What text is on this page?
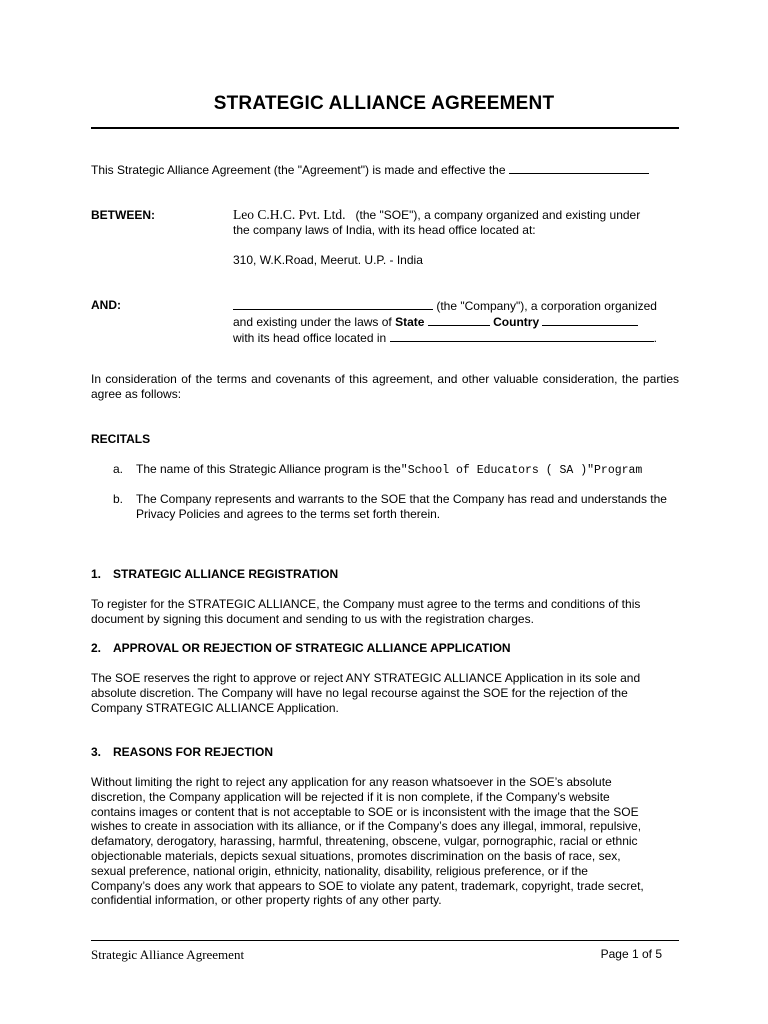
STRATEGIC ALLIANCE AGREEMENT
This Strategic Alliance Agreement (the "Agreement") is made and effective the
BETWEEN:	Leo C.H.C. Pvt. Ltd. (the "SOE"), a company organized and existing under
the company laws of India, with its head office located at:
310, W.K.Road, Meerut. U.P. - India
AND:	(the "Company"), a corporation organized
and existing under the laws of State	Country
with its head office located in	.
In consideration of the terms and covenants of this agreement, and other valuable consideration, the parties agree as follows:
RECITALS
a. The name of this Strategic Alliance program is the"School of Educators ( SA )"Program
b. The Company represents and warrants to the SOE that the Company has read and understands the Privacy Policies and agrees to the terms set forth therein.
1. STRATEGIC ALLIANCE REGISTRATION
To register for the STRATEGIC ALLIANCE, the Company must agree to the terms and conditions of this document by signing this document and sending to us with the registration charges.
2. APPROVAL OR REJECTION OF STRATEGIC ALLIANCE APPLICATION
The SOE reserves the right to approve or reject ANY STRATEGIC ALLIANCE Application in its sole and absolute discretion. The Company will have no legal recourse against the SOE for the rejection of the Company STRATEGIC ALLIANCE Application.
3. REASONS FOR REJECTION
Without limiting the right to reject any application for any reason whatsoever in the SOE’s absolute
discretion, the Company application will be rejected if it is non complete, if the Company’s website
contains images or content that is not acceptable to SOE or is inconsistent with the image that the SOE
wishes to create in association with its alliance, or if the Company’s does any illegal, immoral, repulsive,
defamatory, derogatory, harassing, harmful, threatening, obscene, vulgar, pornographic, racial or ethnic
objectionable materials, depicts sexual situations, promotes discrimination on the basis of race, sex,
sexual preference, national origin, ethnicity, nationality, disability, religious preference, or if the
Company’s does any work that appears to SOE to violate any patent, trademark, copyright, trade secret,
confidential information, or other property rights of any other party.
Strategic Alliance Agreement	Page 1 of 5
